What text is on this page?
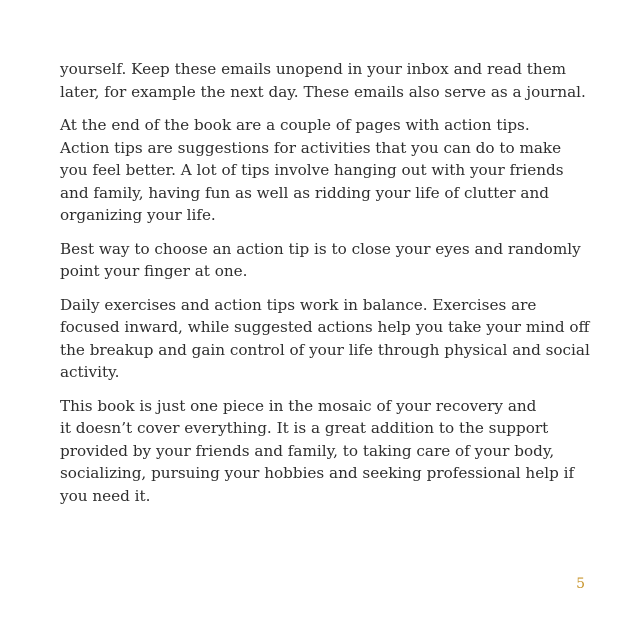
yourself. Keep these emails unopend in your inbox and read them
later, for example the next day. These emails also serve as a journal.

At the end of the book are a couple of pages with action tips.
Action tips are suggestions for activities that you can do to make
you feel better. A lot of tips involve hanging out with your friends
and family, having fun as well as ridding your life of clutter and
organizing your life.

Best way to choose an action tip is to close your eyes and randomly
point your finger at one.

Daily exercises and action tips work in balance. Exercises are
focused inward, while suggested actions help you take your mind off
the breakup and gain control of your life through physical and social
activity.

This book is just one piece in the mosaic of your recovery and
it doesn’t cover everything. It is a great addition to the support
provided by your friends and family, to taking care of your body,
socializing, pursuing your hobbies and seeking professional help if
you need it.

5
